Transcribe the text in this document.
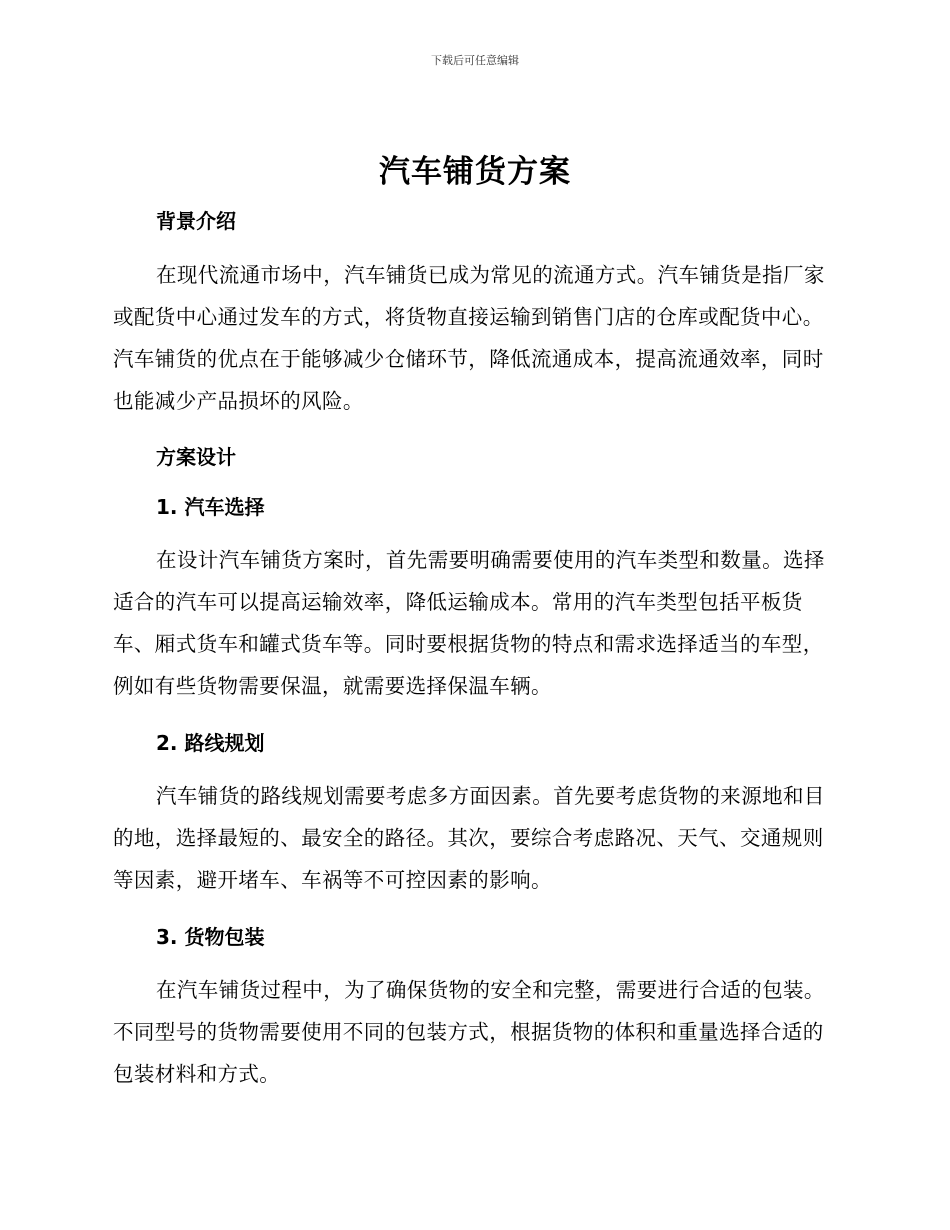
下载后可任意编辑
汽车铺货方案
背景介绍

在现代流通市场中，汽车铺货已成为常见的流通方式。汽车铺货是指厂家或配货中心通过发车的方式，将货物直接运输到销售门店的仓库或配货中心。汽车铺货的优点在于能够减少仓储环节，降低流通成本，提高流通效率，同时也能减少产品损坏的风险。

方案设计
1. 汽车选择

在设计汽车铺货方案时，首先需要明确需要使用的汽车类型和数量。选择适合的汽车可以提高运输效率，降低运输成本。常用的汽车类型包括平板货车、厢式货车和罐式货车等。同时要根据货物的特点和需求选择适当的车型，例如有些货物需要保温，就需要选择保温车辆。

2. 路线规划

汽车铺货的路线规划需要考虑多方面因素。首先要考虑货物的来源地和目的地，选择最短的、最安全的路径。其次，要综合考虑路况、天气、交通规则等因素，避开堵车、车祸等不可控因素的影响。

3. 货物包装

在汽车铺货过程中，为了确保货物的安全和完整，需要进行合适的包装。不同型号的货物需要使用不同的包装方式，根据货物的体积和重量选择合适的包装材料和方式。
